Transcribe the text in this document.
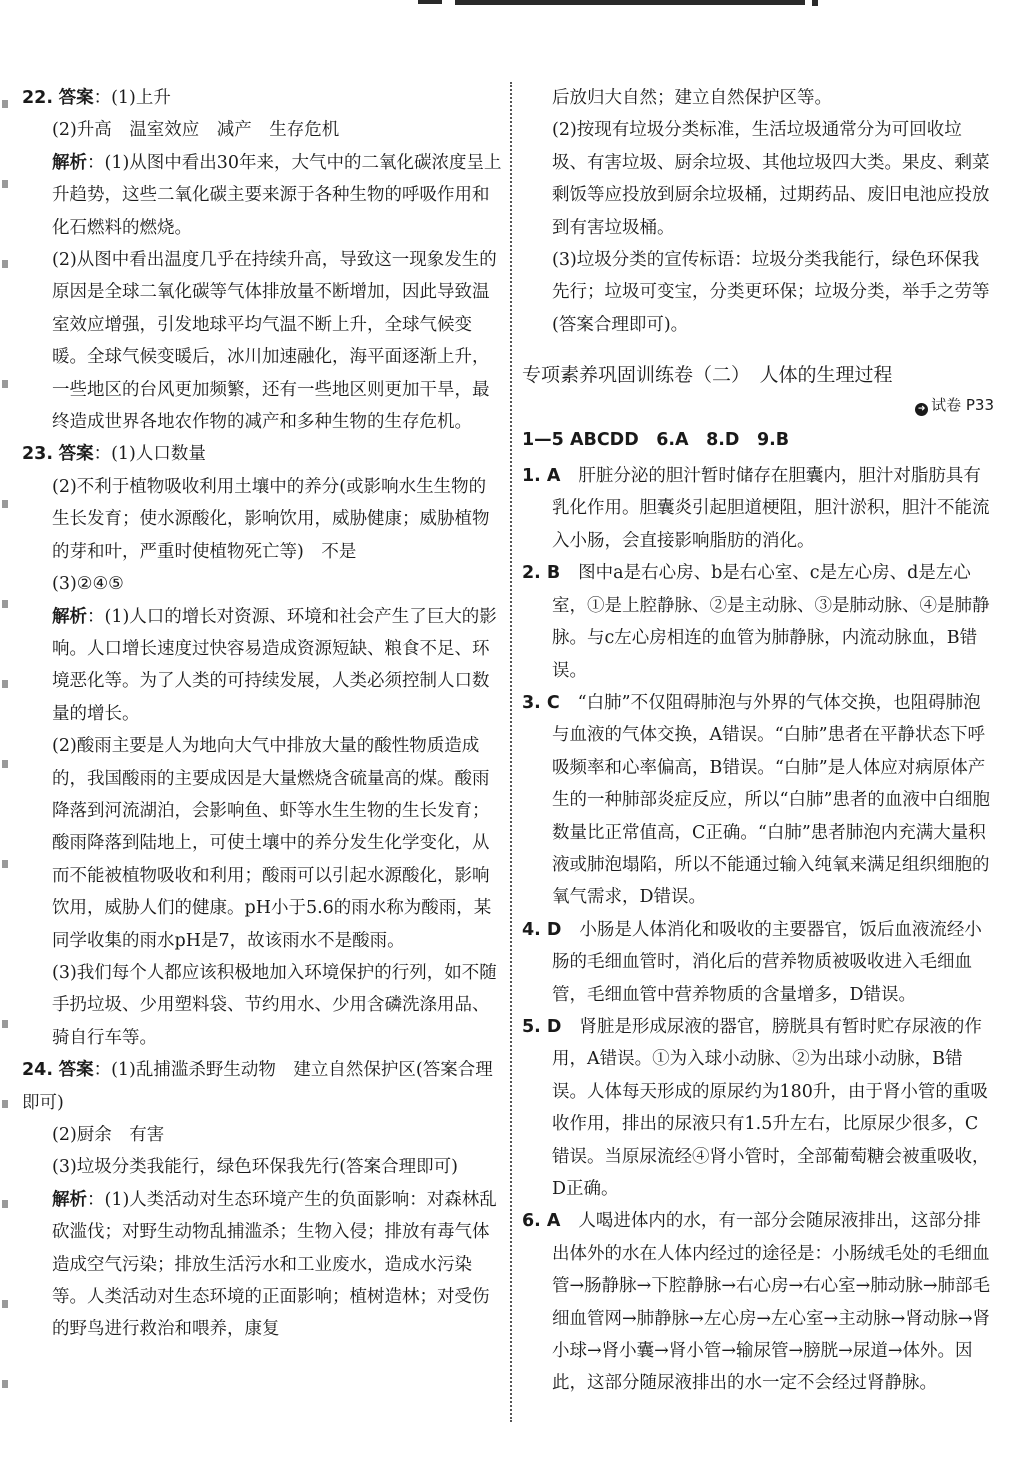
22. 答案：(1)上升

(2)升高　温室效应　减产　生存危机

解析：(1)从图中看出30年来，大气中的二氧化碳浓度呈上升趋势，这些二氧化碳主要来源于各种生物的呼吸作用和化石燃料的燃烧。

(2)从图中看出温度几乎在持续升高，导致这一现象发生的原因是全球二氧化碳等气体排放量不断增加，因此导致温室效应增强，引发地球平均气温不断上升，全球气候变暖。全球气候变暖后，冰川加速融化，海平面逐渐上升，一些地区的台风更加频繁，还有一些地区则更加干旱，最终造成世界各地农作物的减产和多种生物的生存危机。

23. 答案：(1)人口数量

(2)不利于植物吸收利用土壤中的养分(或影响水生生物的生长发育；使水源酸化，影响饮用，威胁健康；威胁植物的芽和叶，严重时使植物死亡等)　不是

(3)②④⑤

解析：(1)人口的增长对资源、环境和社会产生了巨大的影响。人口增长速度过快容易造成资源短缺、粮食不足、环境恶化等。为了人类的可持续发展，人类必须控制人口数量的增长。

(2)酸雨主要是人为地向大气中排放大量的酸性物质造成的，我国酸雨的主要成因是大量燃烧含硫量高的煤。酸雨降落到河流湖泊，会影响鱼、虾等水生生物的生长发育；酸雨降落到陆地上，可使土壤中的养分发生化学变化，从而不能被植物吸收和利用；酸雨可以引起水源酸化，影响饮用，威胁人们的健康。pH小于5.6的雨水称为酸雨，某同学收集的雨水pH是7，故该雨水不是酸雨。

(3)我们每个人都应该积极地加入环境保护的行列，如不随手扔垃圾、少用塑料袋、节约用水、少用含磷洗涤用品、骑自行车等。

24. 答案：(1)乱捕滥杀野生动物　建立自然保护区(答案合理即可)

(2)厨余　有害

(3)垃圾分类我能行，绿色环保我先行(答案合理即可)

解析：(1)人类活动对生态环境产生的负面影响：对森林乱砍滥伐；对野生动物乱捕滥杀；生物入侵；排放有毒气体造成空气污染；排放生活污水和工业废水，造成水污染等。人类活动对生态环境的正面影响；植树造林；对受伤的野鸟进行救治和喂养，康复

后放归大自然；建立自然保护区等。

(2)按现有垃圾分类标准，生活垃圾通常分为可回收垃圾、有害垃圾、厨余垃圾、其他垃圾四大类。果皮、剩菜剩饭等应投放到厨余垃圾桶，过期药品、废旧电池应投放到有害垃圾桶。

(3)垃圾分类的宣传标语：垃圾分类我能行，绿色环保我先行；垃圾可变宝，分类更环保；垃圾分类，举手之劳等(答案合理即可)。

专项素养巩固训练卷（二）　人体的生理过程
➜ 试卷 P33

1—5 ABCDD　6.A　8.D　9.B

1. A 肝脏分泌的胆汁暂时储存在胆囊内，胆汁对脂肪具有乳化作用。胆囊炎引起胆道梗阻，胆汁淤积，胆汁不能流入小肠，会直接影响脂肪的消化。

2. B 图中a是右心房、b是右心室、c是左心房、d是左心室，①是上腔静脉、②是主动脉、③是肺动脉、④是肺静脉。与c左心房相连的血管为肺静脉，内流动脉血，B错误。

3. C “白肺”不仅阻碍肺泡与外界的气体交换，也阻碍肺泡与血液的气体交换，A错误。“白肺”患者在平静状态下呼吸频率和心率偏高，B错误。“白肺”是人体应对病原体产生的一种肺部炎症反应，所以“白肺”患者的血液中白细胞数量比正常值高，C正确。“白肺”患者肺泡内充满大量积液或肺泡塌陷，所以不能通过输入纯氧来满足组织细胞的氧气需求，D错误。

4. D 小肠是人体消化和吸收的主要器官，饭后血液流经小肠的毛细血管时，消化后的营养物质被吸收进入毛细血管，毛细血管中营养物质的含量增多，D错误。

5. D 肾脏是形成尿液的器官，膀胱具有暂时贮存尿液的作用，A错误。①为入球小动脉、②为出球小动脉，B错误。人体每天形成的原尿约为180升，由于肾小管的重吸收作用，排出的尿液只有1.5升左右，比原尿少很多，C错误。当原尿流经④肾小管时，全部葡萄糖会被重吸收，D正确。

6. A 人喝进体内的水，有一部分会随尿液排出，这部分排出体外的水在人体内经过的途径是：小肠绒毛处的毛细血管→肠静脉→下腔静脉→右心房→右心室→肺动脉→肺部毛细血管网→肺静脉→左心房→左心室→主动脉→肾动脉→肾小球→肾小囊→肾小管→输尿管→膀胱→尿道→体外。因此，这部分随尿液排出的水一定不会经过肾静脉。
